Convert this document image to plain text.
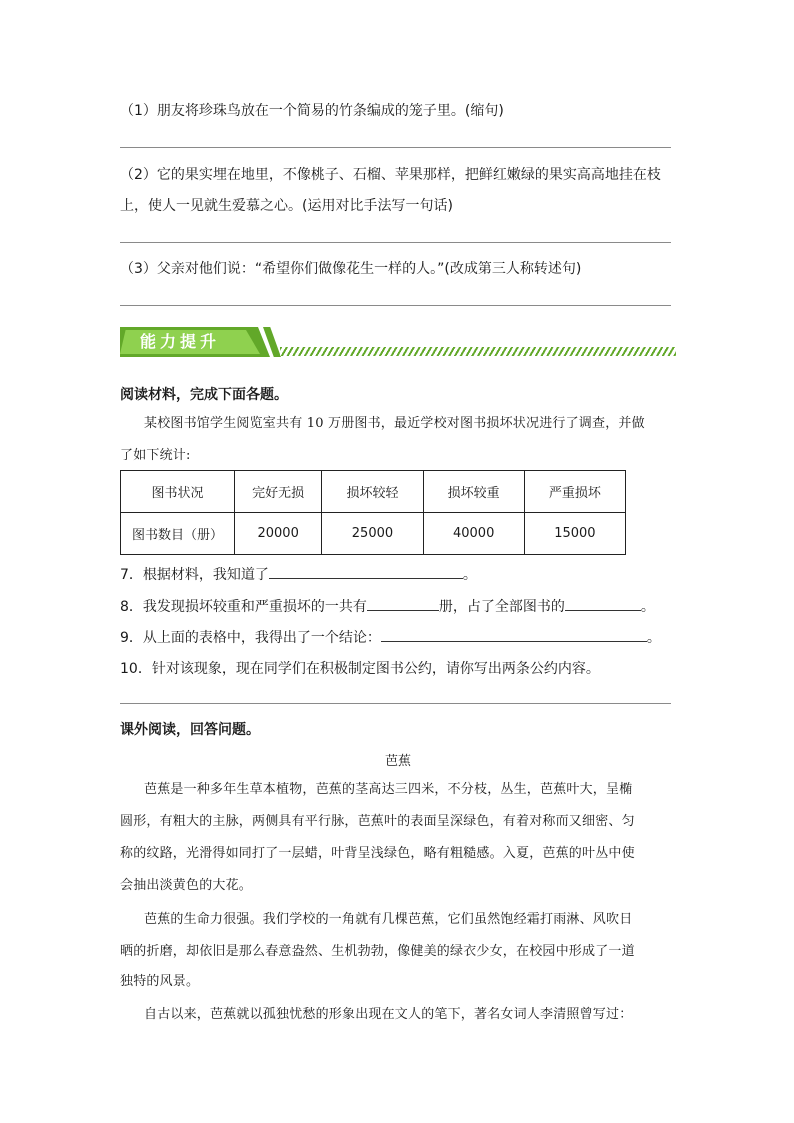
（1）朋友将珍珠鸟放在一个简易的竹条编成的笼子里。(缩句)
（2）它的果实埋在地里，不像桃子、石榴、苹果那样，把鲜红嫩绿的果实高高地挂在枝
上，使人一见就生爱慕之心。(运用对比手法写一句话)
（3）父亲对他们说：“希望你们做像花生一样的人。”(改成第三人称转述句)
能力提升
阅读材料，完成下面各题。
某校图书馆学生阅览室共有 10 万册图书，最近学校对图书损坏状况进行了调查，并做
了如下统计:
图书状况	完好无损	损坏较轻	损坏较重	严重损坏
图书数目（册）	20000	25000	40000	15000
7．根据材料，我知道了	。
8．我发现损坏较重和严重损坏的一共有	册，占了全部图书的	。
9．从上面的表格中，我得出了一个结论：	。
10．针对该现象，现在同学们在积极制定图书公约，请你写出两条公约内容。
课外阅读，回答问题。
芭蕉
芭蕉是一种多年生草本植物，芭蕉的茎高达三四米，不分枝，丛生，芭蕉叶大，呈椭
圆形，有粗大的主脉，两侧具有平行脉，芭蕉叶的表面呈深绿色，有着对称而又细密、匀
称的纹路，光滑得如同打了一层蜡，叶背呈浅绿色，略有粗糙感。入夏，芭蕉的叶丛中使
会抽出淡黄色的大花。
芭蕉的生命力很强。我们学校的一角就有几棵芭蕉，它们虽然饱经霜打雨淋、风吹日
晒的折磨，却依旧是那么春意盎然、生机勃勃，像健美的绿衣少女，在校园中形成了一道
独特的风景。
自古以来，芭蕉就以孤独忧愁的形象出现在文人的笔下，著名女词人李清照曾写过：
